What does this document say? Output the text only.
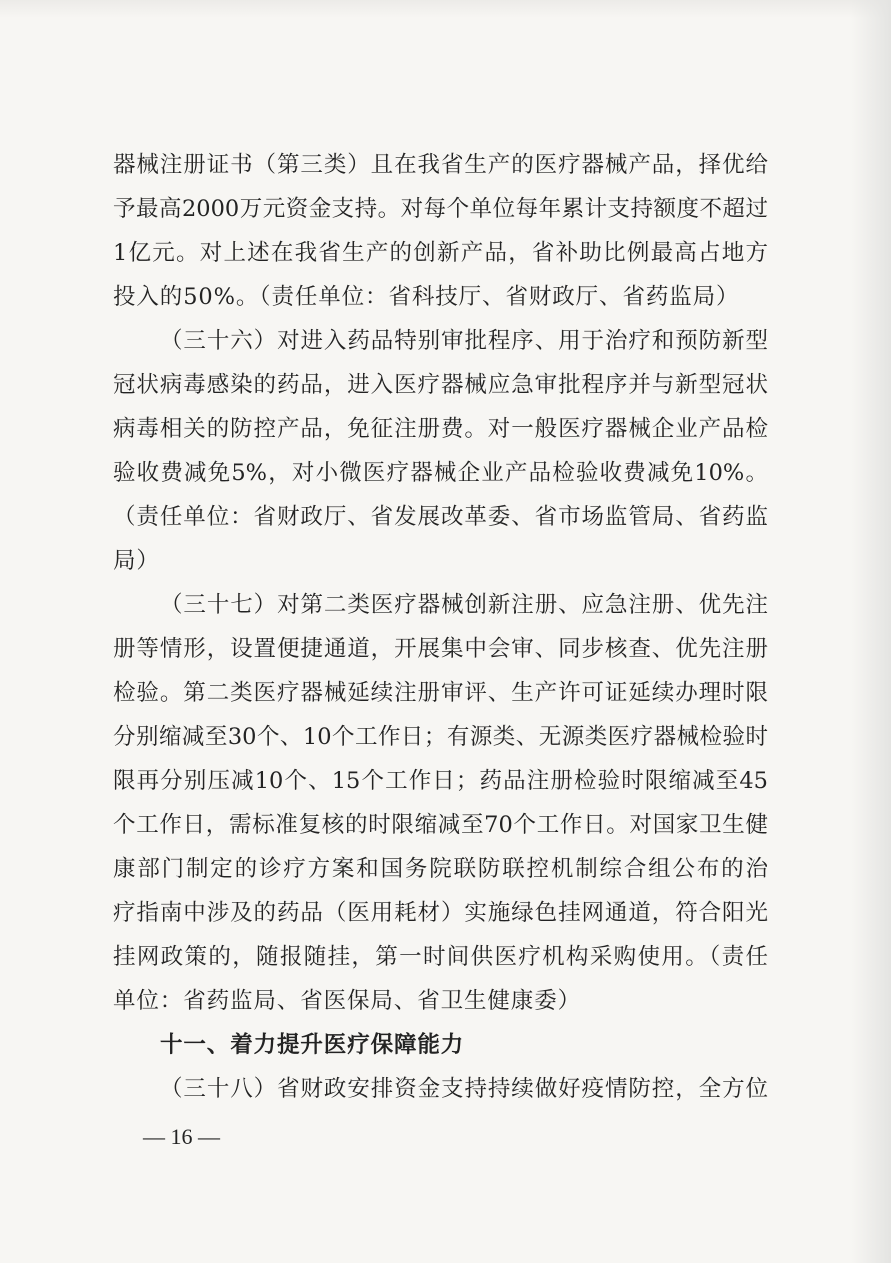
器械注册证书（第三类）且在我省生产的医疗器械产品，择优给
予最高2000万元资金支持。对每个单位每年累计支持额度不超过
1亿元。对上述在我省生产的创新产品，省补助比例最高占地方
投入的50%。（责任单位：省科技厅、省财政厅、省药监局）
（三十六）对进入药品特别审批程序、用于治疗和预防新型
冠状病毒感染的药品，进入医疗器械应急审批程序并与新型冠状
病毒相关的防控产品，免征注册费。对一般医疗器械企业产品检
验收费减免5%，对小微医疗器械企业产品检验收费减免10%。
（责任单位：省财政厅、省发展改革委、省市场监管局、省药监
局）
（三十七）对第二类医疗器械创新注册、应急注册、优先注
册等情形，设置便捷通道，开展集中会审、同步核查、优先注册
检验。第二类医疗器械延续注册审评、生产许可证延续办理时限
分别缩减至30个、10个工作日；有源类、无源类医疗器械检验时
限再分别压减10个、15个工作日；药品注册检验时限缩减至45
个工作日，需标准复核的时限缩减至70个工作日。对国家卫生健
康部门制定的诊疗方案和国务院联防联控机制综合组公布的治
疗指南中涉及的药品（医用耗材）实施绿色挂网通道，符合阳光
挂网政策的，随报随挂，第一时间供医疗机构采购使用。（责任
单位：省药监局、省医保局、省卫生健康委）
十一、着力提升医疗保障能力
（三十八）省财政安排资金支持持续做好疫情防控，全方位
— 16 —
